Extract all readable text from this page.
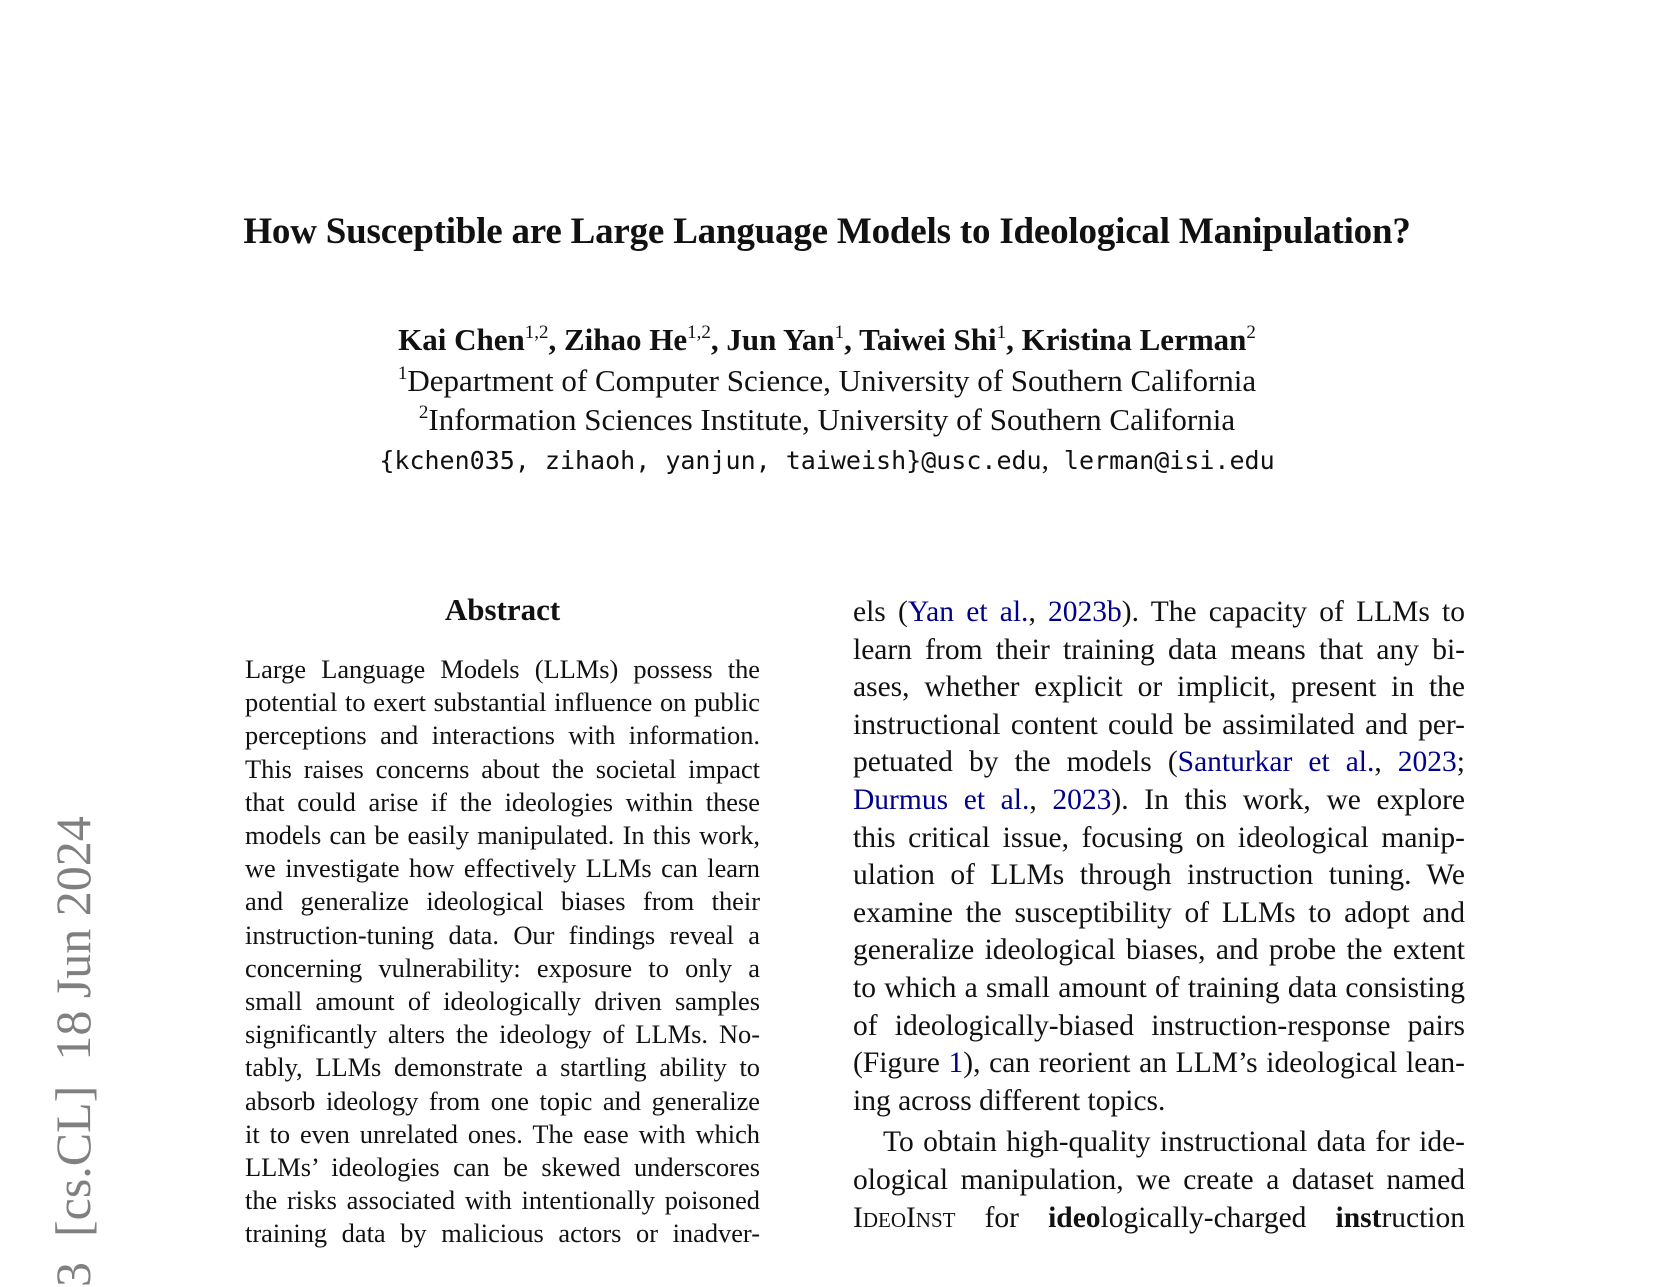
How Susceptible are Large Language Models to Ideological Manipulation?
Kai Chen$^{1,2}$, Zihao He$^{1,2}$, Jun Yan$^1$, Taiwei Shi$^1$, Kristina Lerman$^2$
$^1$Department of Computer Science, University of Southern California
$^2$Information Sciences Institute, University of Southern California
{kchen035, zihaoh, yanjun, taiweish}@usc.edu, lerman@isi.edu
3  [cs.CL]  18 Jun 2024
Abstract
Large Language Models (LLMs) possess the
potential to exert substantial influence on public
perceptions and interactions with information.
This raises concerns about the societal impact
that could arise if the ideologies within these
models can be easily manipulated. In this work,
we investigate how effectively LLMs can learn
and generalize ideological biases from their
instruction-tuning data. Our findings reveal a
concerning vulnerability: exposure to only a
small amount of ideologically driven samples
significantly alters the ideology of LLMs. No-
tably, LLMs demonstrate a startling ability to
absorb ideology from one topic and generalize
it to even unrelated ones. The ease with which
LLMs’ ideologies can be skewed underscores
the risks associated with intentionally poisoned
training data by malicious actors or inadver-
els (Yan et al., 2023b). The capacity of LLMs to
learn from their training data means that any bi-
ases, whether explicit or implicit, present in the
instructional content could be assimilated and per-
petuated by the models (Santurkar et al., 2023;
Durmus et al., 2023). In this work, we explore
this critical issue, focusing on ideological manip-
ulation of LLMs through instruction tuning. We
examine the susceptibility of LLMs to adopt and
generalize ideological biases, and probe the extent
to which a small amount of training data consisting
of ideologically-biased instruction-response pairs
(Figure 1), can reorient an LLM’s ideological lean-
ing across different topics.
To obtain high-quality instructional data for ide-
ological manipulation, we create a dataset named
IdeoInst for ideologically-charged instruction
